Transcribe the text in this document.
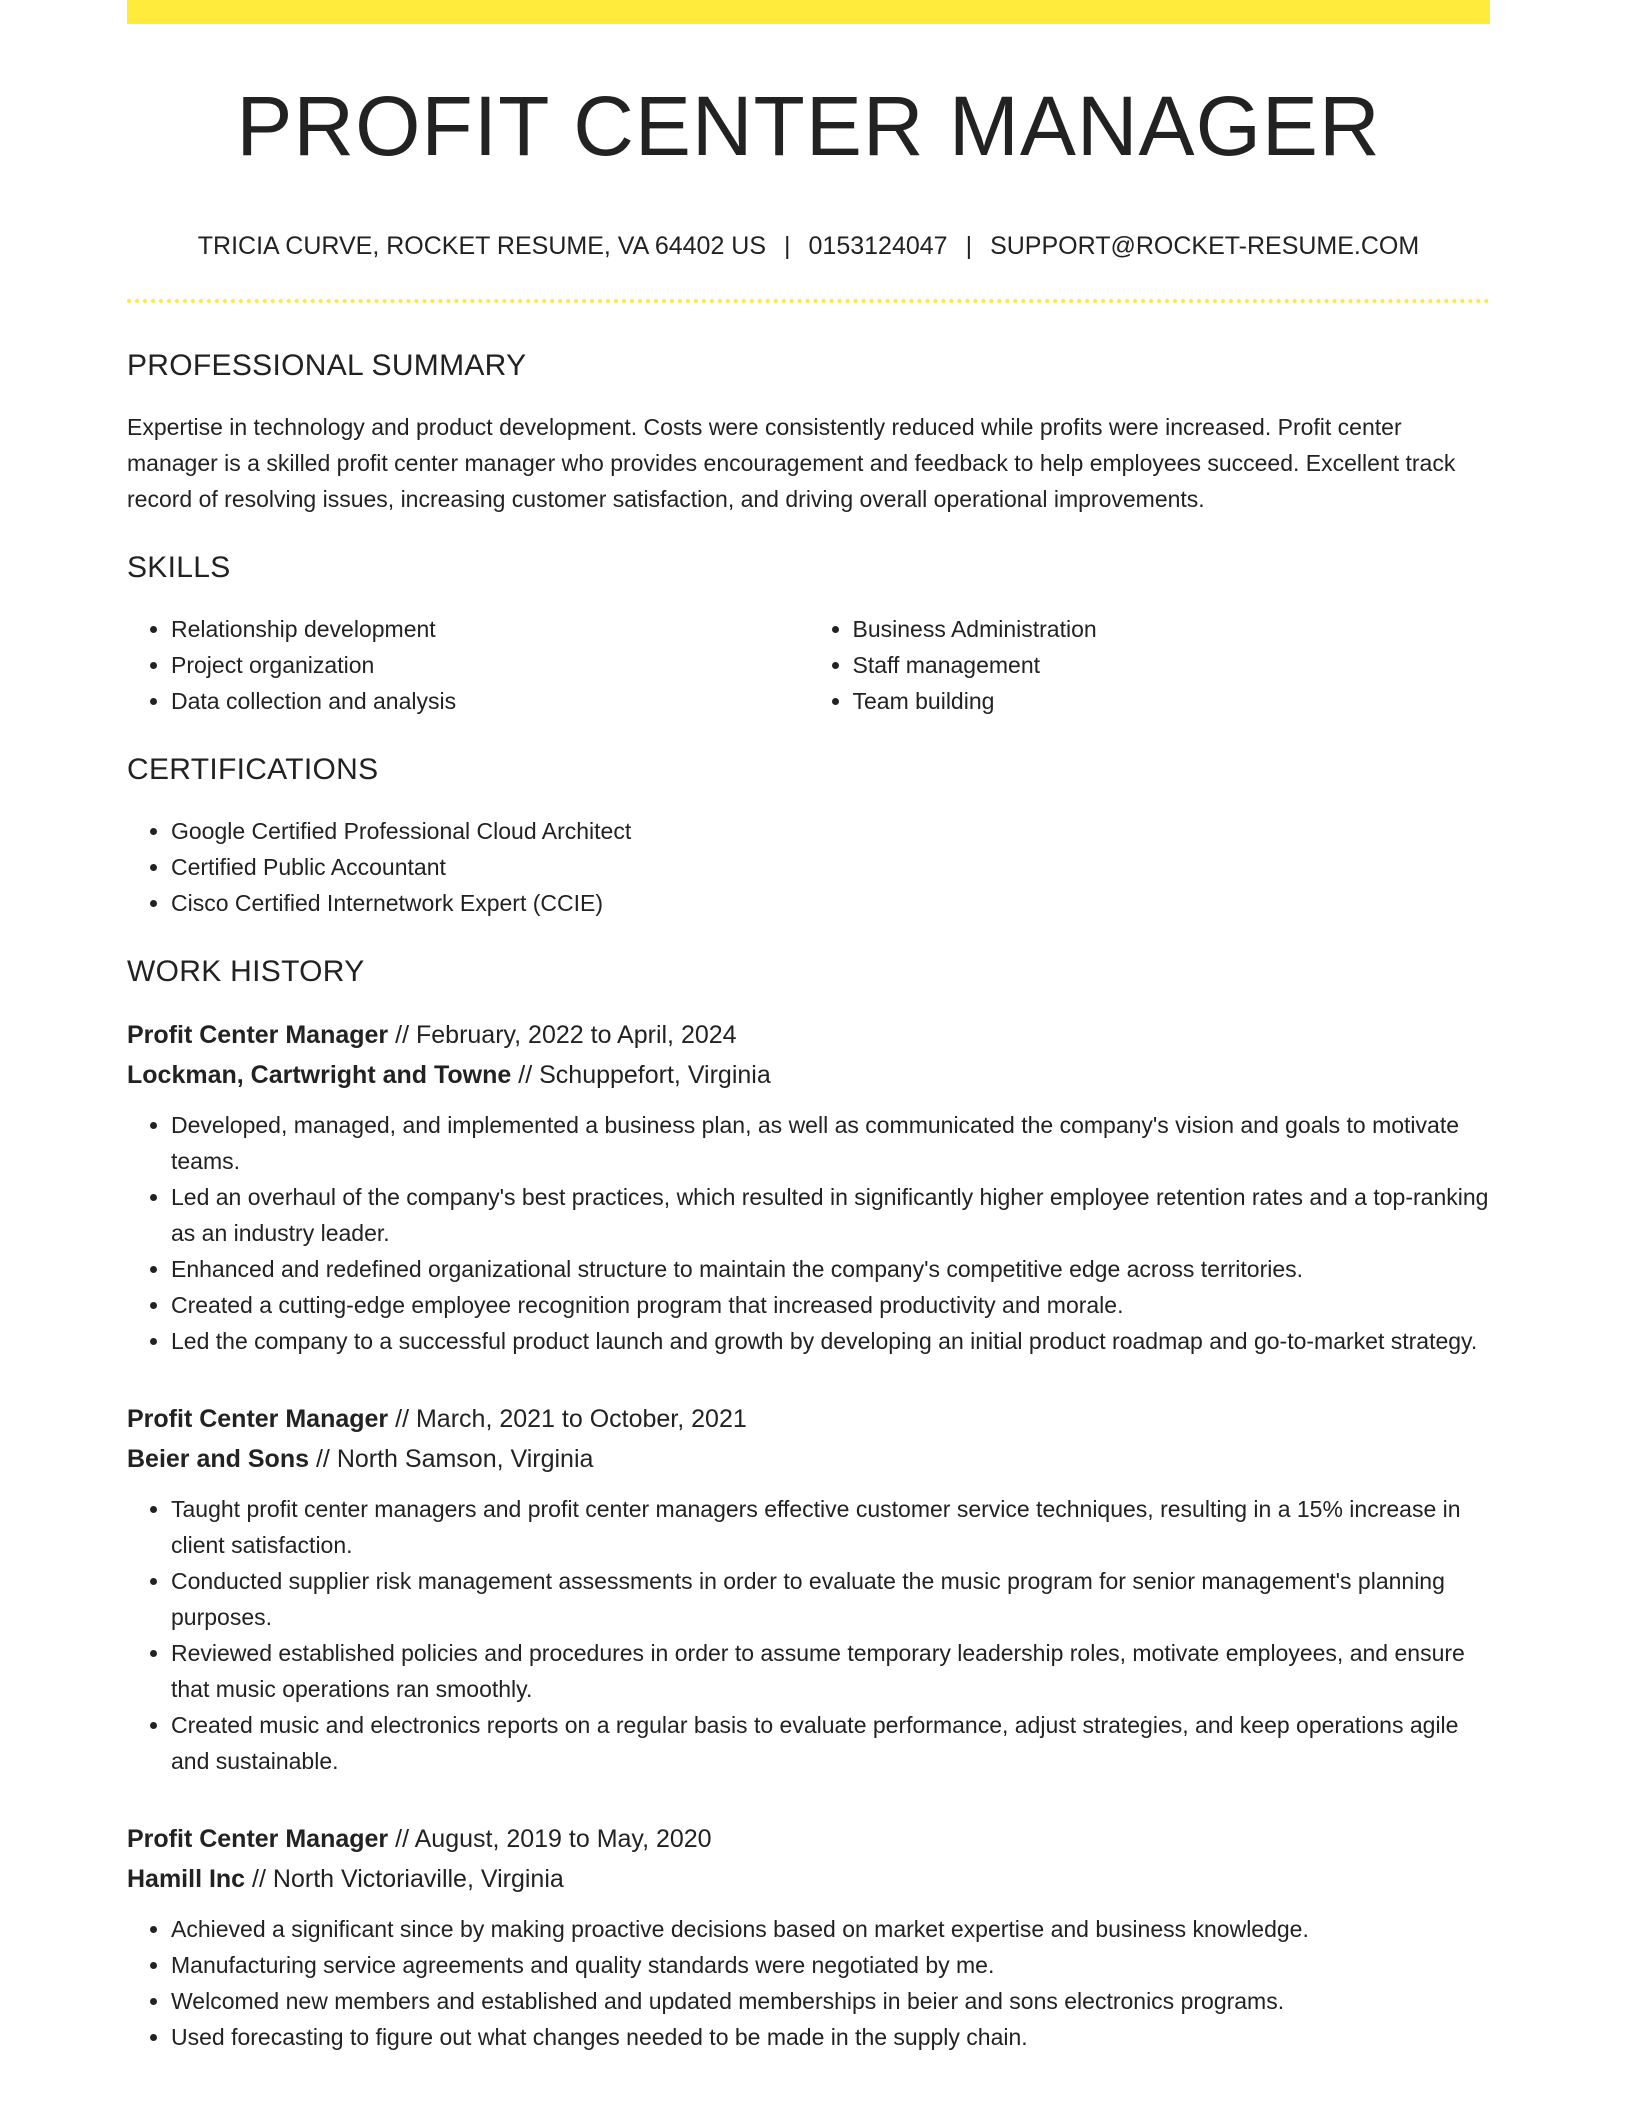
PROFIT CENTER MANAGER
TRICIA CURVE, ROCKET RESUME, VA 64402 US | 0153124047 | SUPPORT@ROCKET-RESUME.COM
PROFESSIONAL SUMMARY

Expertise in technology and product development. Costs were consistently reduced while profits were increased. Profit center manager is a skilled profit center manager who provides encouragement and feedback to help employees succeed. Excellent track record of resolving issues, increasing customer satisfaction, and driving overall operational improvements.

SKILLS
• Relationship development
• Project organization
• Data collection and analysis
• Business Administration
• Staff management
• Team building
CERTIFICATIONS
• Google Certified Professional Cloud Architect
• Certified Public Accountant
• Cisco Certified Internetwork Expert (CCIE)
WORK HISTORY
Profit Center Manager // February, 2022 to April, 2024
Lockman, Cartwright and Towne // Schuppefort, Virginia
• Developed, managed, and implemented a business plan, as well as communicated the company's vision and goals to motivate teams.
• Led an overhaul of the company's best practices, which resulted in significantly higher employee retention rates and a top-ranking as an industry leader.
• Enhanced and redefined organizational structure to maintain the company's competitive edge across territories.
• Created a cutting-edge employee recognition program that increased productivity and morale.
• Led the company to a successful product launch and growth by developing an initial product roadmap and go-to-market strategy.
Profit Center Manager // March, 2021 to October, 2021
Beier and Sons // North Samson, Virginia
• Taught profit center managers and profit center managers effective customer service techniques, resulting in a 15% increase in client satisfaction.
• Conducted supplier risk management assessments in order to evaluate the music program for senior management's planning purposes.
• Reviewed established policies and procedures in order to assume temporary leadership roles, motivate employees, and ensure that music operations ran smoothly.
• Created music and electronics reports on a regular basis to evaluate performance, adjust strategies, and keep operations agile and sustainable.
Profit Center Manager // August, 2019 to May, 2020
Hamill Inc // North Victoriaville, Virginia
• Achieved a significant since by making proactive decisions based on market expertise and business knowledge.
• Manufacturing service agreements and quality standards were negotiated by me.
• Welcomed new members and established and updated memberships in beier and sons electronics programs.
• Used forecasting to figure out what changes needed to be made in the supply chain.
